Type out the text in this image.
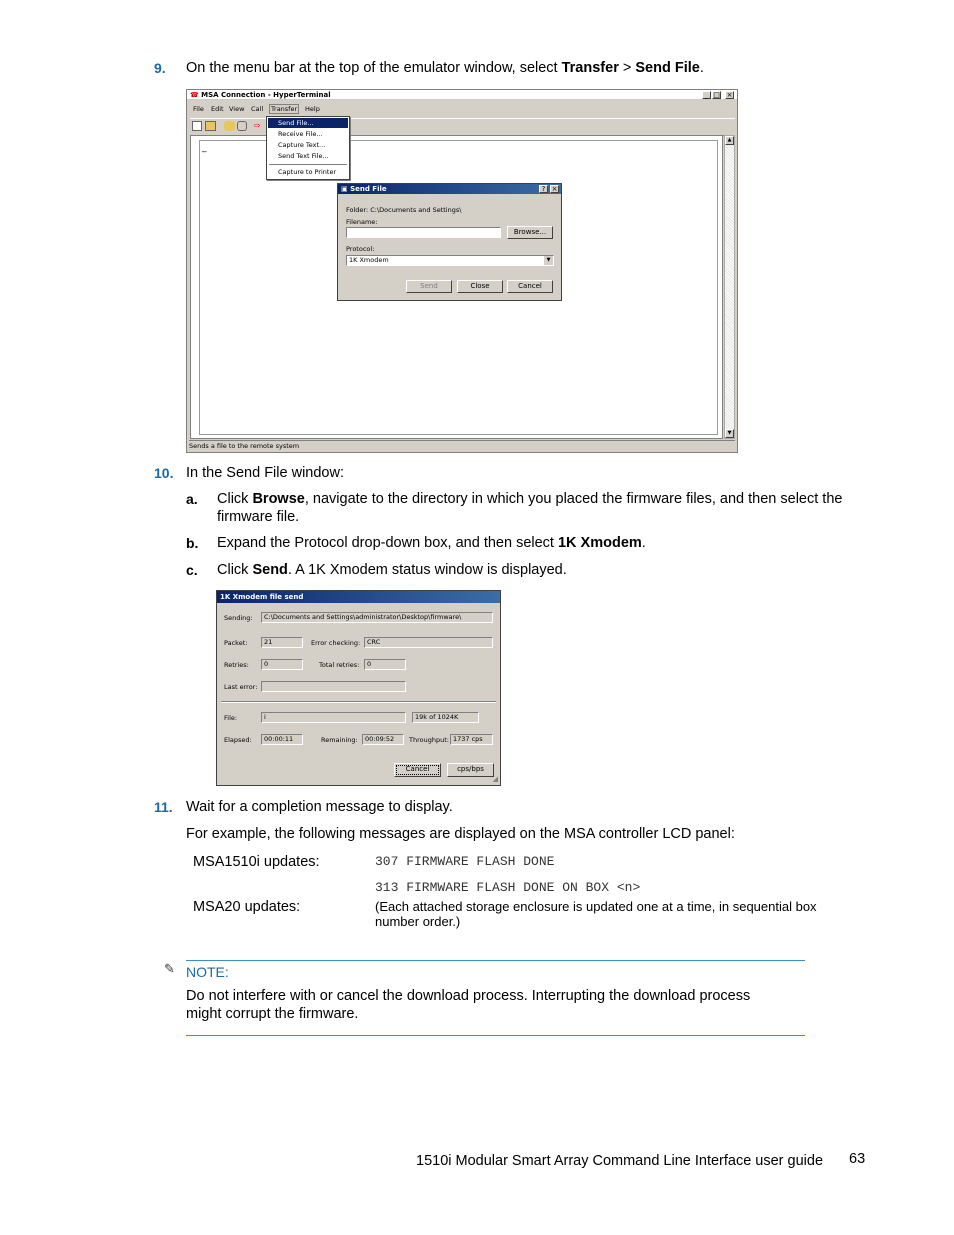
9. On the menu bar at the top of the emulator window, select Transfer > Send File.
☎ MSA Connection - HyperTerminal	_ □ ×
File Edit View Call	Transfer	Help
⇨
_
▲
▼
Sends a file to the remote system
Send File...
Receive File...
Capture Text...
Send Text File...
Capture to Printer
▣ Send File	? ×
Folder: C:\Documents and Settings\
Filename:
Browse...
Protocol:
1K Xmodem	▼
Send	Close	Cancel
10. In the Send File window:
a. Click Browse, navigate to the directory in which you placed the firmware files, and then select the firmware file.
b. Expand the Protocol drop-down box, and then select 1K Xmodem.
c. Click Send. A 1K Xmodem status window is displayed.
1K Xmodem file send
Sending:	C:\Documents and Settings\administrator\Desktop\firmware\
Packet:	21	Error checking:	CRC
Retries:	0	Total retries:	0
Last error:
File:	i	19k of 1024K
Elapsed:	00:00:11	Remaining:	00:09:52	Throughput: 1737 cps
Cancel	cps/bps
◢
11. Wait for a completion message to display.
For example, the following messages are displayed on the MSA controller LCD panel:
MSA1510i updates:	307 FIRMWARE FLASH DONE
313 FIRMWARE FLASH DONE ON BOX <n>
MSA20 updates:	(Each attached storage enclosure is updated one at a time, in sequential box number order.)
✎ NOTE:
Do not interfere with or cancel the download process. Interrupting the download process might corrupt the firmware.
1510i Modular Smart Array Command Line Interface user guide 63
